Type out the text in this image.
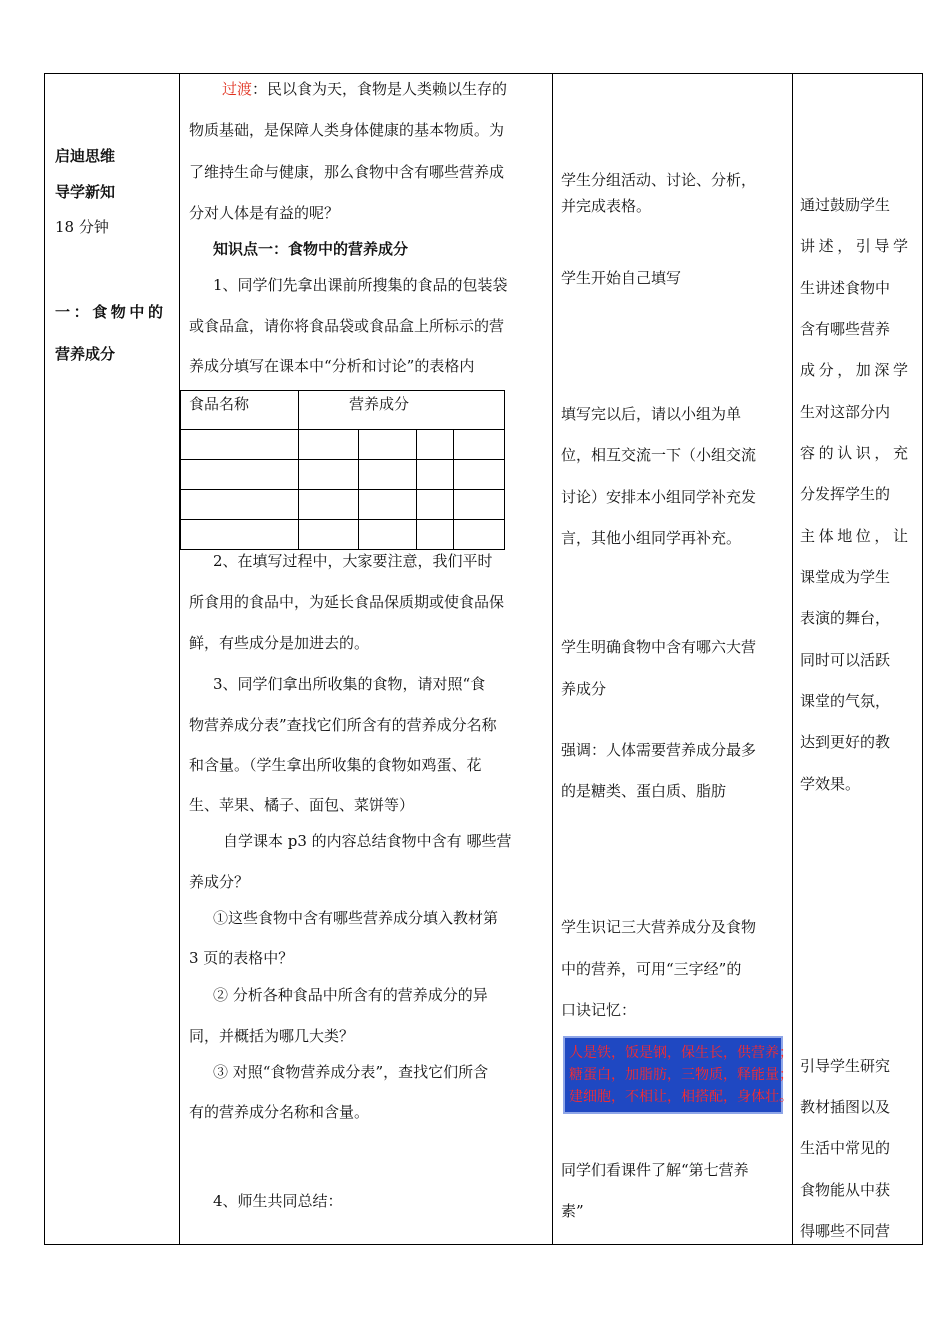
启迪思维
导学新知
18 分钟
一：食物中的
营养成分
过渡：民以食为天，食物是人类赖以生存的
物质基础，是保障人类身体健康的基本物质。为
了维持生命与健康，那么食物中含有哪些营养成
分对人体是有益的呢？
知识点一：食物中的营养成分
1、同学们先拿出课前所搜集的食品的包装袋
或食品盒，请你将食品袋或食品盒上所标示的营
养成分填写在课本中“分析和讨论”的表格内
食品名称	营养成分
2、在填写过程中，大家要注意，我们平时
所食用的食品中，为延长食品保质期或使食品保
鲜，有些成分是加进去的。
3、同学们拿出所收集的食物，请对照“食
物营养成分表”查找它们所含有的营养成分名称
和含量。（学生拿出所收集的食物如鸡蛋、花
生、苹果、橘子、面包、菜饼等）
自学课本 p3 的内容总结食物中含有 哪些营
养成分？
①这些食物中含有哪些营养成分填入教材第
3 页的表格中？
② 分析各种食品中所含有的营养成分的异
同，并概括为哪几大类？
③ 对照“食物营养成分表”，查找它们所含
有的营养成分名称和含量。
4、师生共同总结：
学生分组活动、讨论、分析，
并完成表格。
学生开始自己填写
填写完以后，请以小组为单
位，相互交流一下（小组交流
讨论）安排本小组同学补充发
言，其他小组同学再补充。
学生明确食物中含有哪六大营
养成分
强调：人体需要营养成分最多
的是糖类、蛋白质、脂肪
学生识记三大营养成分及食物
中的营养，可用“三字经”的
口诀记忆：
同学们看课件了解“第七营养
素”
人是铁，饭是钢，保生长，供营养；
糖蛋白，加脂肪，三物质，释能量；
建细胞，不相让，相搭配，身体壮。
通过鼓励学生
讲述，引导学
生讲述食物中
含有哪些营养
成分，加深学
生对这部分内
容的认识，充
分发挥学生的
主体地位，让
课堂成为学生
表演的舞台，
同时可以活跃
课堂的气氛，
达到更好的教
学效果。
引导学生研究
教材插图以及
生活中常见的
食物能从中获
得哪些不同营
